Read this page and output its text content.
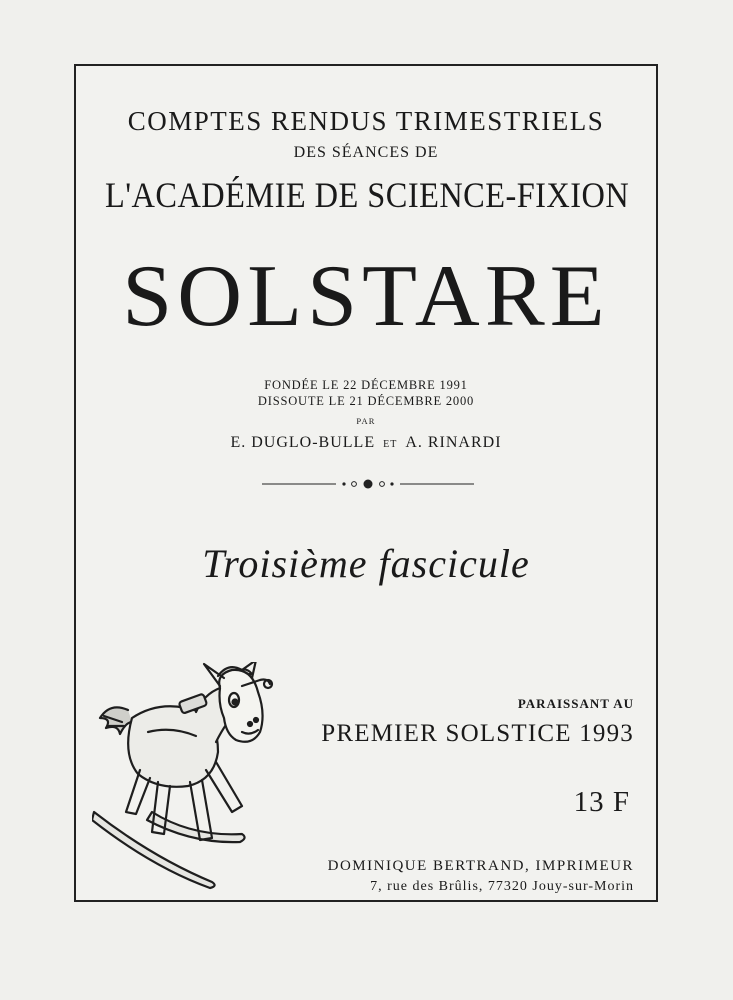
COMPTES RENDUS TRIMESTRIELS
DES SÉANCES DE
L'ACADÉMIE DE SCIENCE-FIXION
SOLSTARE
FONDÉE LE 22 DÉCEMBRE 1991
DISSOUTE LE 21 DÉCEMBRE 2000
PAR
E. DUGLO-BULLE ET A. RINARDI
Troisième fascicule
PARAISSANT AU
PREMIER SOLSTICE 1993
13 F
DOMINIQUE BERTRAND, IMPRIMEUR
7, rue des Brûlis, 77320 Jouy-sur-Morin
